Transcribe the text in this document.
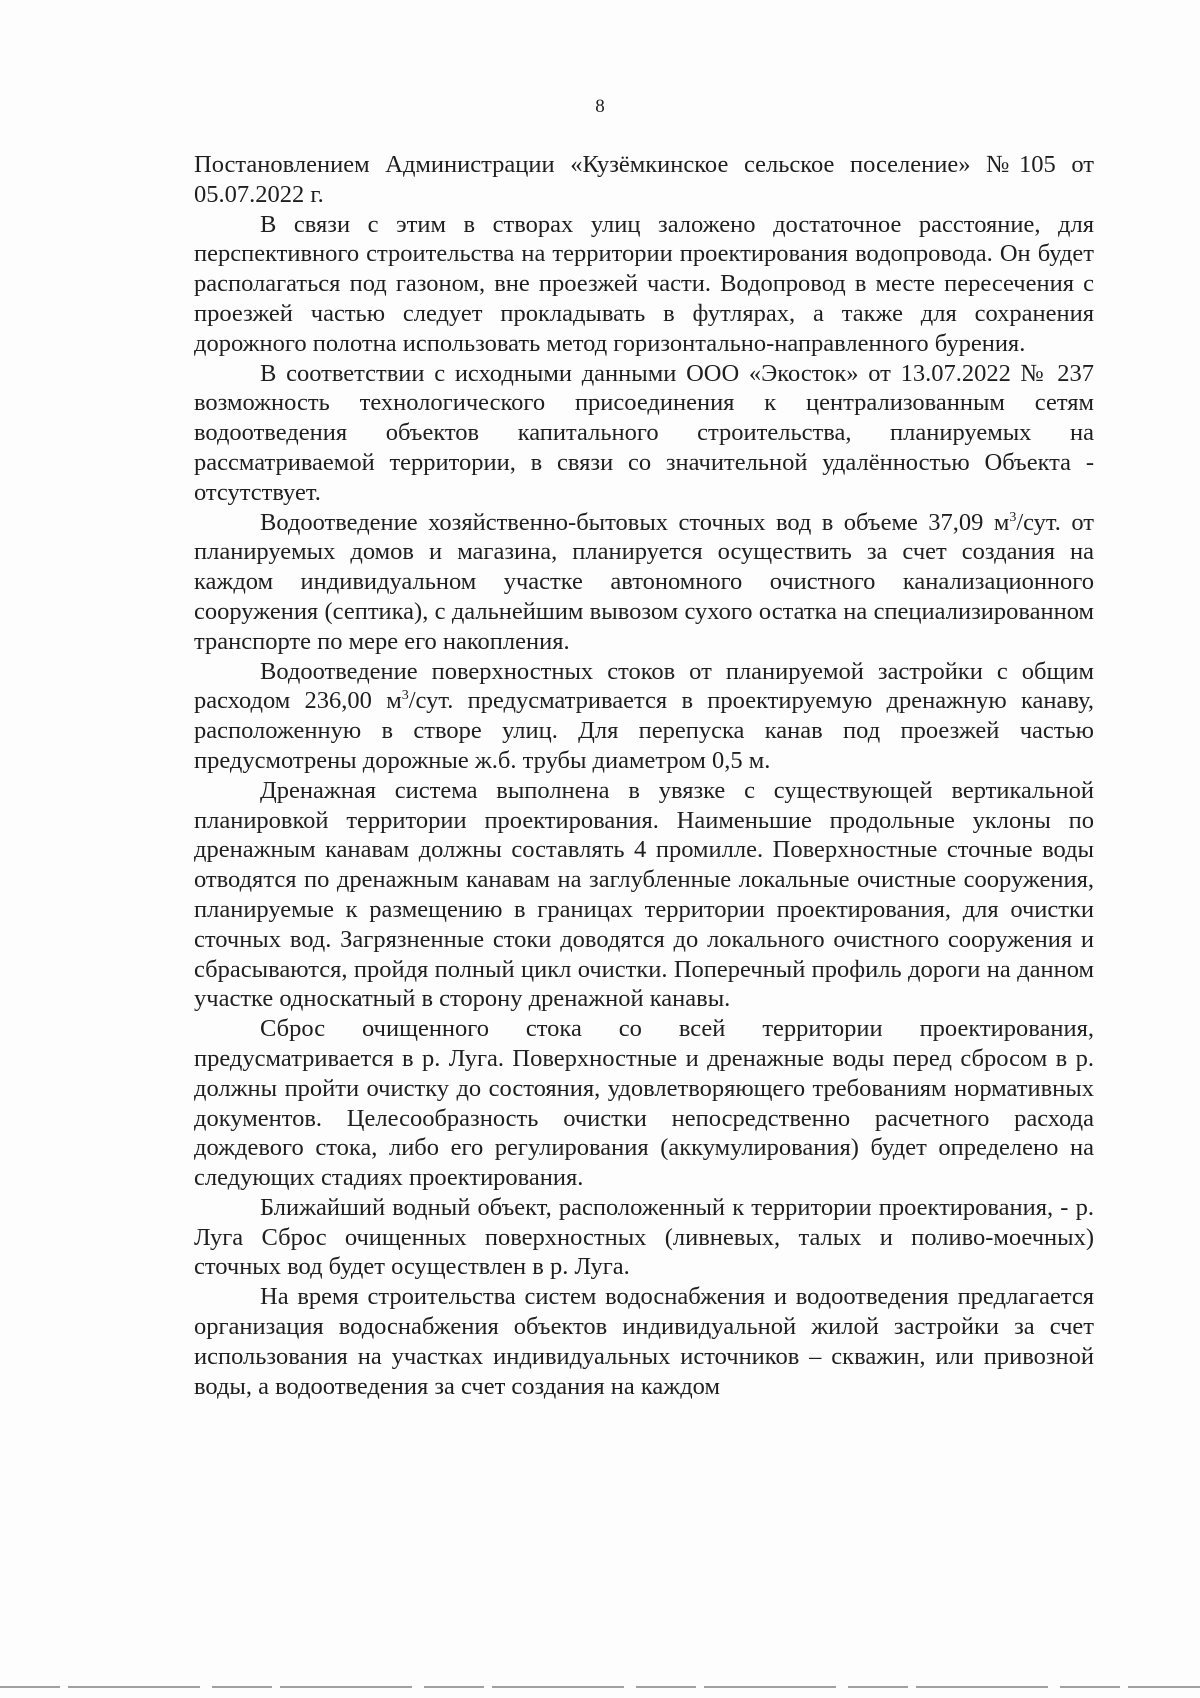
8

Постановлением Администрации «Кузёмкинское сельское поселение» №105 от 05.07.2022 г.

В связи с этим в створах улиц заложено достаточное расстояние, для перспективного строительства на территории проектирования водопровода. Он будет располагаться под газоном, вне проезжей части. Водопровод в месте пересечения с проезжей частью следует прокладывать в футлярах, а также для сохранения дорожного полотна использовать метод горизонтально-направленного бурения.

В соответствии с исходными данными ООО «Экосток» от 13.07.2022 № 237 возможность технологического присоединения к централизованным сетям водоотведения объектов капитального строительства, планируемых на рассматриваемой территории, в связи со значительной удалённостью Объекта - отсутствует.

Водоотведение хозяйственно-бытовых сточных вод в объеме 37,09 $м^3$/сут. от планируемых домов и магазина, планируется осуществить за счет создания на каждом индивидуальном участке автономного очистного канализационного сооружения (септика), с дальнейшим вывозом сухого остатка на специализированном транспорте по мере его накопления.

Водоотведение поверхностных стоков от планируемой застройки с общим расходом 236,00 $м^3$/сут. предусматривается в проектируемую дренажную канаву, расположенную в створе улиц. Для перепуска канав под проезжей частью предусмотрены дорожные ж.б. трубы диаметром 0,5 м.

Дренажная система выполнена в увязке с существующей вертикальной планировкой территории проектирования. Наименьшие продольные уклоны по дренажным канавам должны составлять 4 промилле. Поверхностные сточные воды отводятся по дренажным канавам на заглубленные локальные очистные сооружения, планируемые к размещению в границах территории проектирования, для очистки сточных вод. Загрязненные стоки доводятся до локального очистного сооружения и сбрасываются, пройдя полный цикл очистки. Поперечный профиль дороги на данном участке односкатный в сторону дренажной канавы.

Сброс очищенного стока со всей территории проектирования, предусматривается в р. Луга. Поверхностные и дренажные воды перед сбросом в р. должны пройти очистку до состояния, удовлетворяющего требованиям нормативных документов. Целесообразность очистки непосредственно расчетного расхода дождевого стока, либо его регулирования (аккумулирования) будет определено на следующих стадиях проектирования.

Ближайший водный объект, расположенный к территории проектирования, - р. Луга Сброс очищенных поверхностных (ливневых, талых и поливо-моечных) сточных вод будет осуществлен в р. Луга.

На время строительства систем водоснабжения и водоотведения предлагается организация водоснабжения объектов индивидуальной жилой застройки за счет использования на участках индивидуальных источников – скважин, или привозной воды, а водоотведения за счет создания на каждом
